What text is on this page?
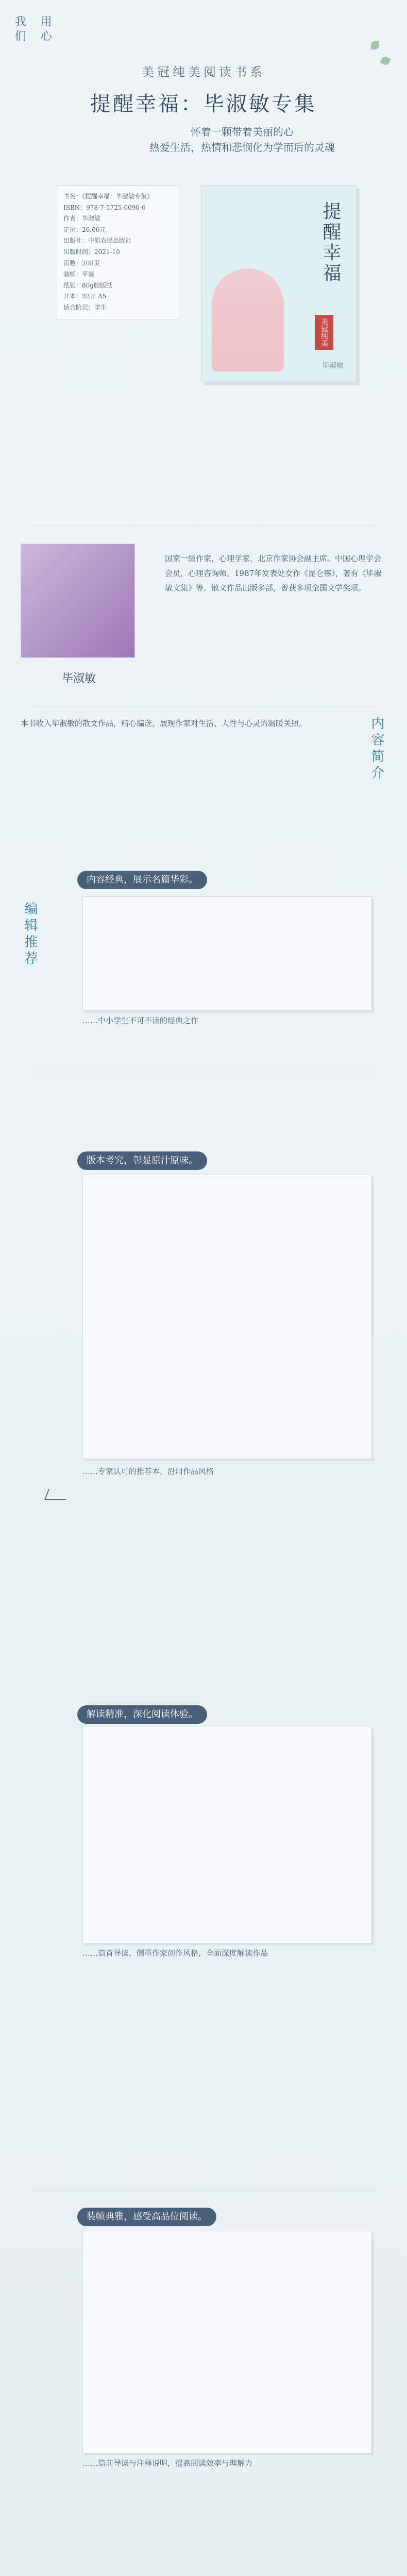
我们 用心
美冠纯美阅读书系
提醒幸福：毕淑敏专集
怀着一颗带着美丽的心
热爱生活，热情和悲悯化为学而后的灵魂
书名：《提醒幸福：毕淑敏专集》
ISBN：978-7-5725-0090-6
作者：毕淑敏
定价：26.00元
出版社：中原农民出版社
出版时间：2021-10
页数：208页
装帧：平装
纸张：80g胶版纸
开本：32开 A5
适合阶层：学生
提醒幸福
毕淑敏
美冠纯美
毕淑敏
国家一级作家，心理学家，北京作家协会副主席。中国心理学会会员，心理咨询师。1987年发表处女作《昆仑殇》，著有《毕淑敏文集》等。散文作品出版多部，曾获多项全国文学奖项。
内容简介
本书收入毕淑敏的散文作品，精心编选，展现作家对生活、人性与心灵的温暖关照。
编辑推荐
内容经典，展示名篇华彩。
……中小学生不可不读的经典之作
版本考究，彰显原汁原味。
……专家认可的推荐本，沿用作品风格
解读精准，深化阅读体验。
……篇首导读，侧重作家创作风格，全面深度解读作品
装帧典雅，感受高品位阅读。
……篇前导读与注释说明，提高阅读效率与理解力
